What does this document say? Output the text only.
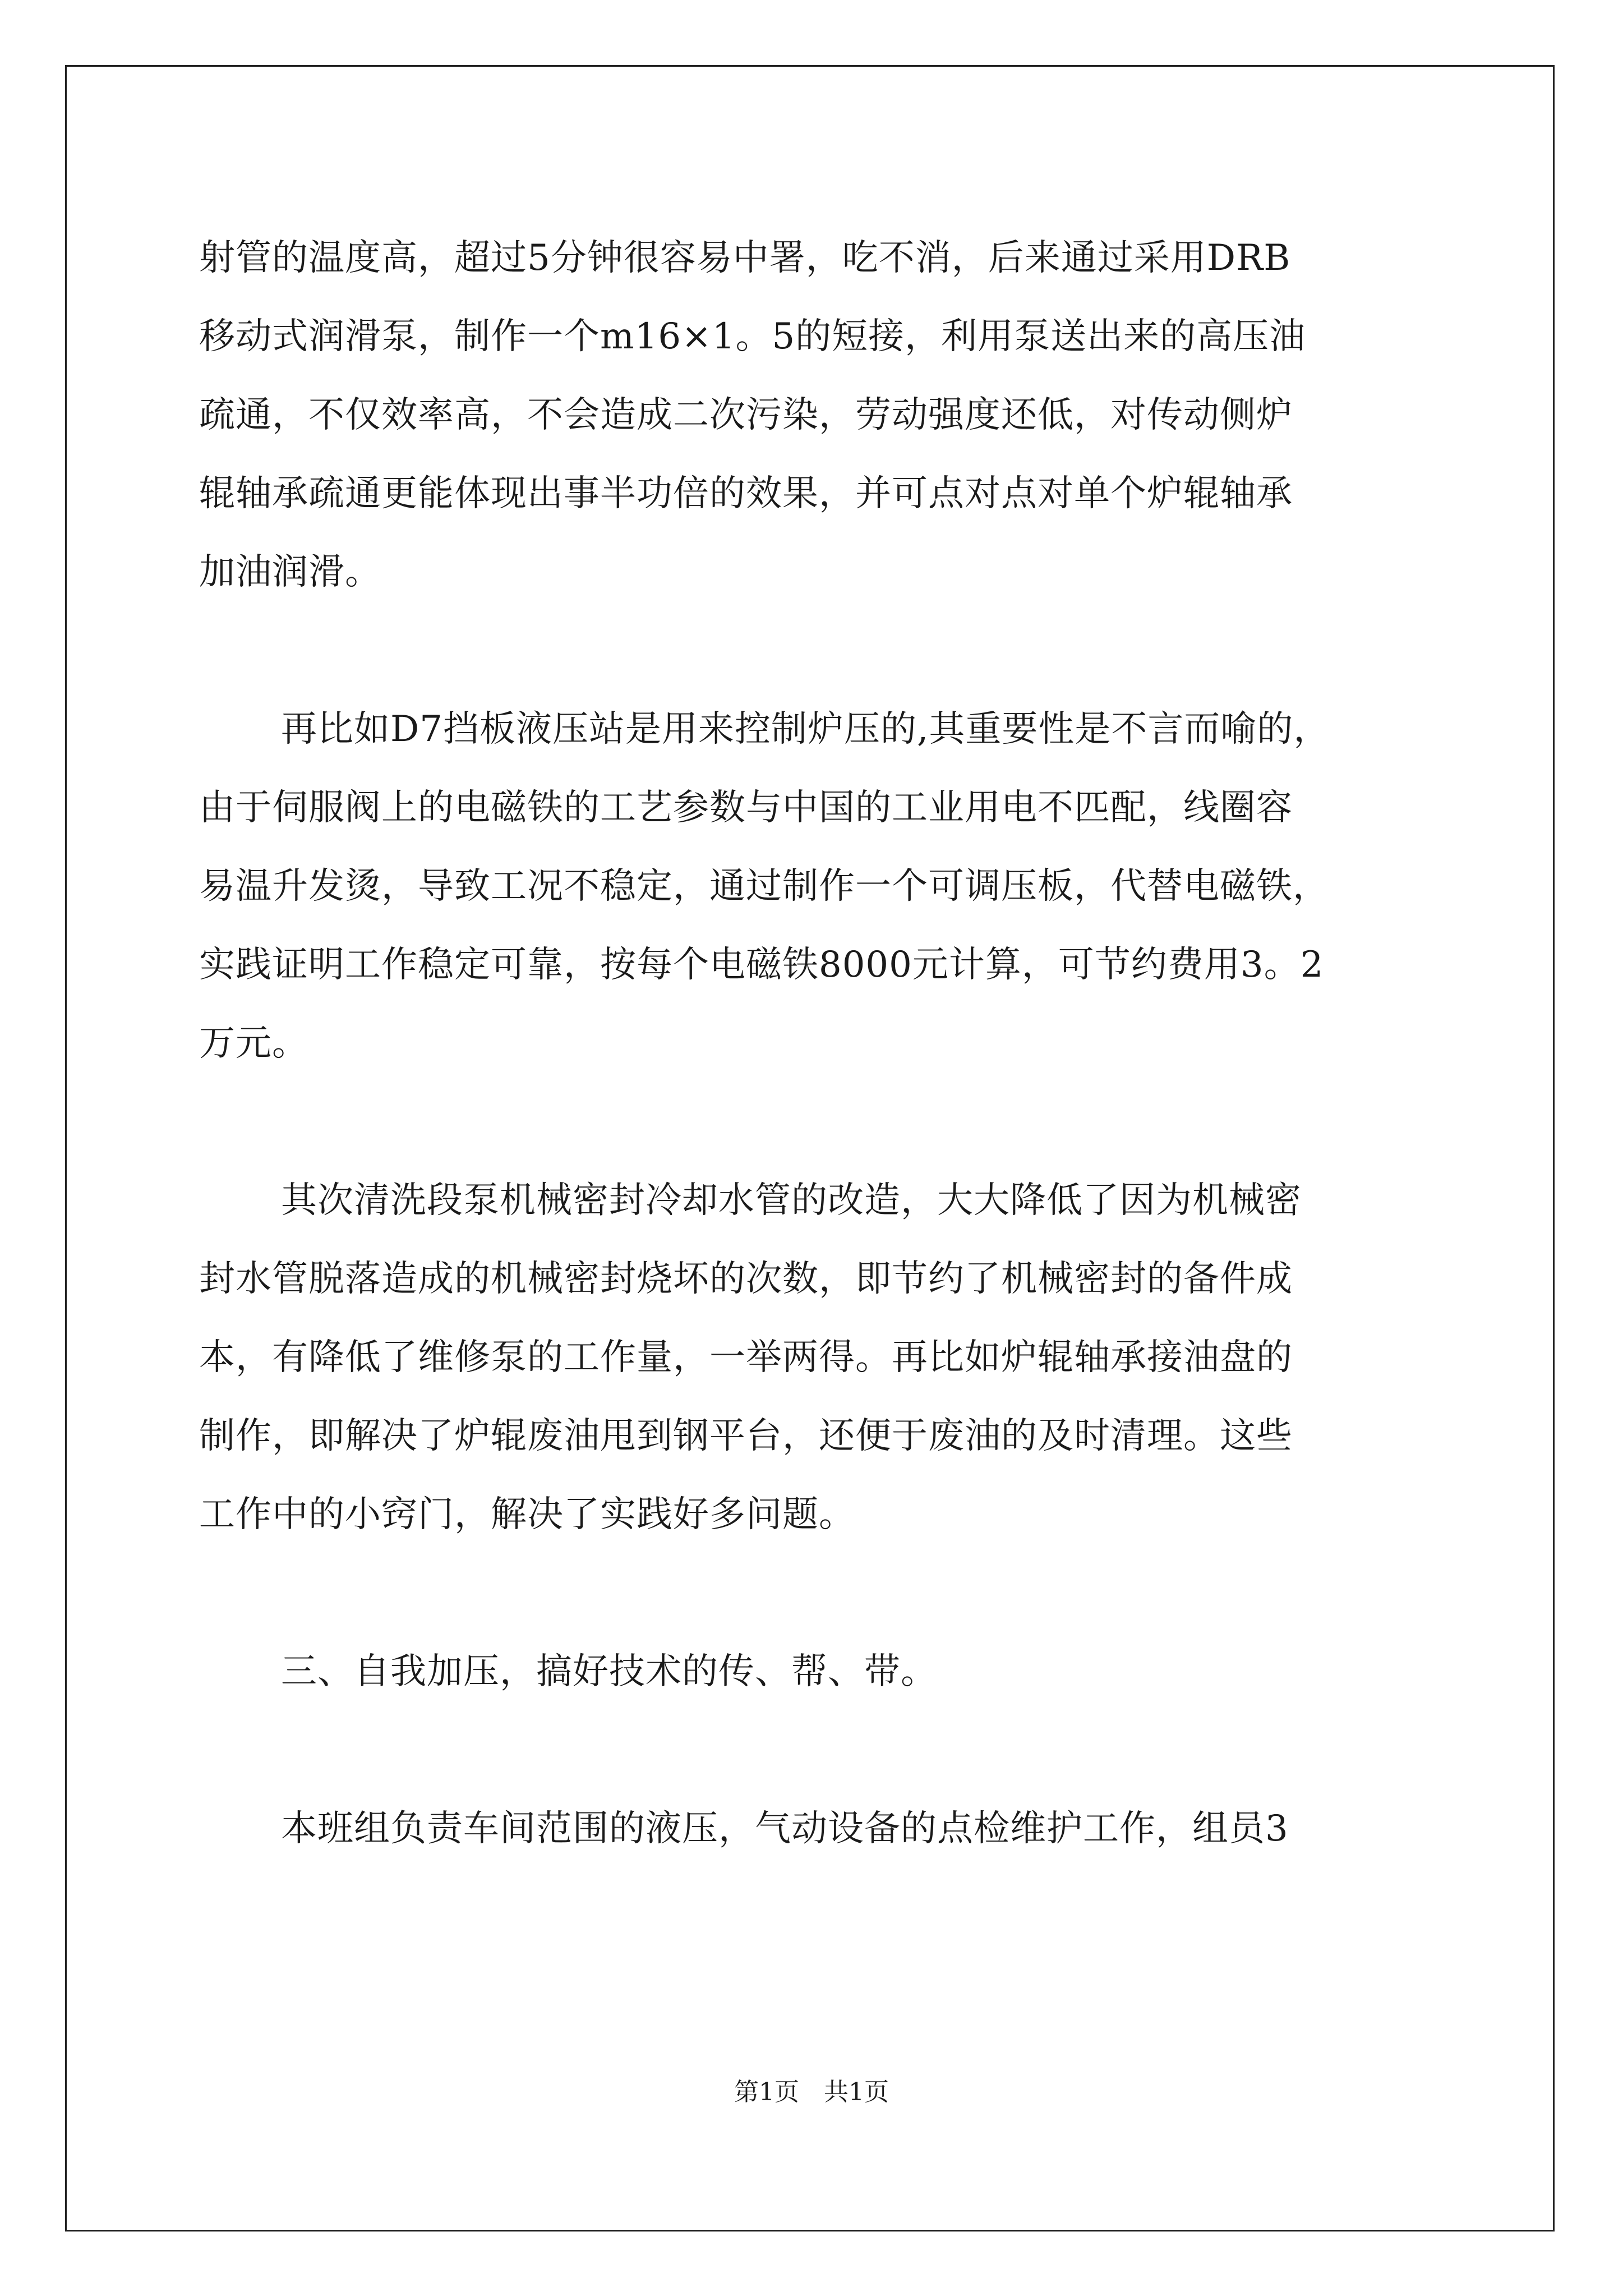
射管的温度高，超过5分钟很容易中署，吃不消，后来通过采用DRB
移动式润滑泵，制作一个m16×1。5的短接，利用泵送出来的高压油
疏通，不仅效率高，不会造成二次污染，劳动强度还低，对传动侧炉
辊轴承疏通更能体现出事半功倍的效果，并可点对点对单个炉辊轴承
加油润滑。
再比如D7挡板液压站是用来控制炉压的,其重要性是不言而喻的，
由于伺服阀上的电磁铁的工艺参数与中国的工业用电不匹配，线圈容
易温升发烫，导致工况不稳定，通过制作一个可调压板，代替电磁铁，
实践证明工作稳定可靠，按每个电磁铁8000元计算，可节约费用3。2
万元。
其次清洗段泵机械密封冷却水管的改造，大大降低了因为机械密
封水管脱落造成的机械密封烧坏的次数，即节约了机械密封的备件成
本，有降低了维修泵的工作量，一举两得。再比如炉辊轴承接油盘的
制作，即解决了炉辊废油甩到钢平台，还便于废油的及时清理。这些
工作中的小窍门，解决了实践好多问题。
三、自我加压，搞好技术的传、帮、带。
本班组负责车间范围的液压，气动设备的点检维护工作，组员3
第1页　共1页
